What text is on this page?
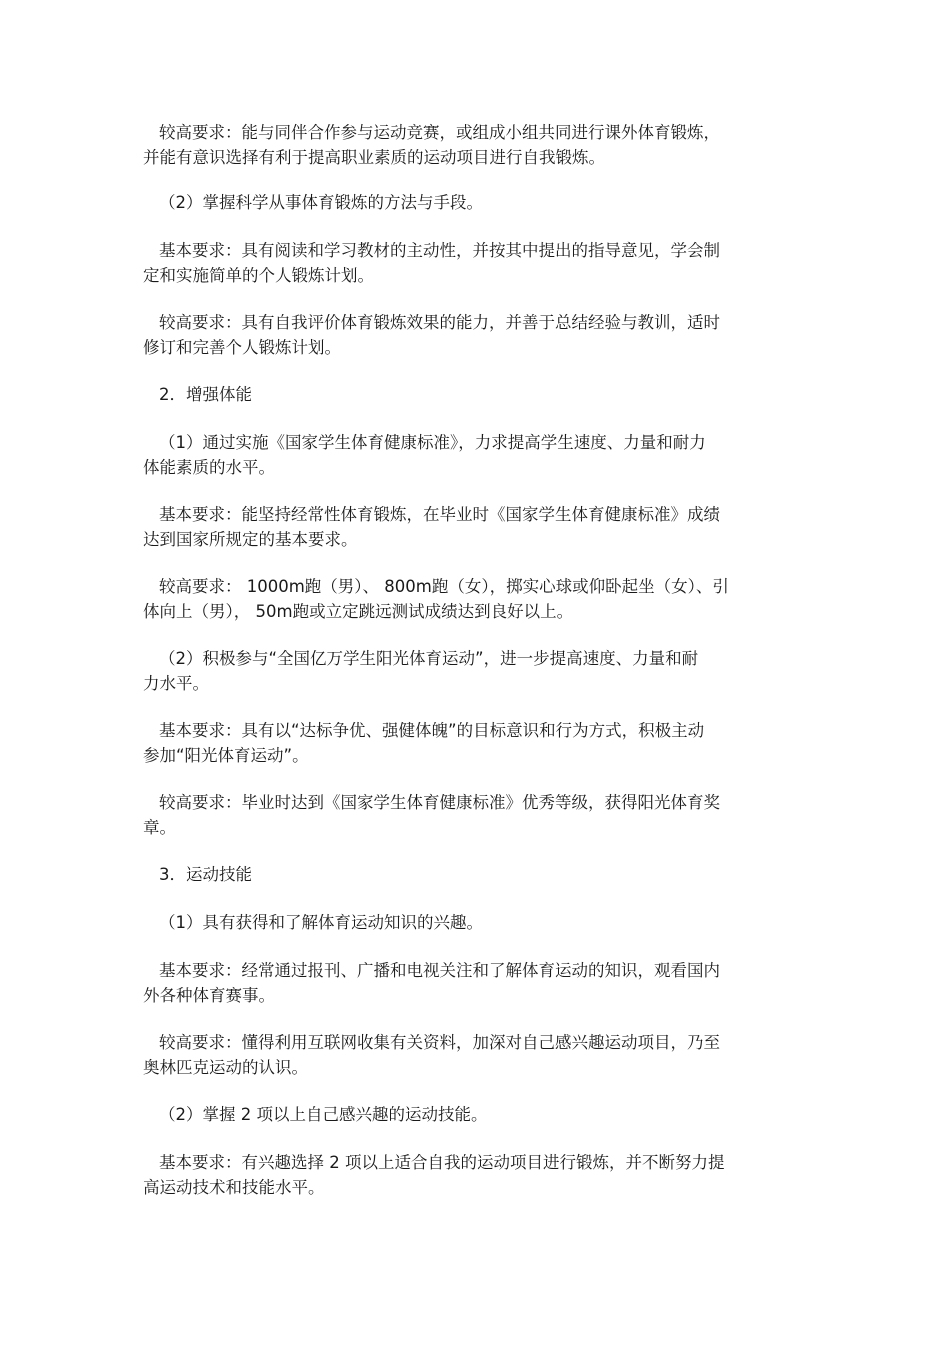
较高要求：能与同伴合作参与运动竞赛，或组成小组共同进行课外体育锻炼，
并能有意识选择有利于提高职业素质的运动项目进行自我锻炼。
（2）掌握科学从事体育锻炼的方法与手段。
基本要求：具有阅读和学习教材的主动性，并按其中提出的指导意见，学会制
定和实施简单的个人锻炼计划。
较高要求：具有自我评价体育锻炼效果的能力，并善于总结经验与教训，适时
修订和完善个人锻炼计划。
2．增强体能
（1）通过实施《国家学生体育健康标准》，力求提高学生速度、力量和耐力
体能素质的水平。
基本要求：能坚持经常性体育锻炼，在毕业时《国家学生体育健康标准》成绩
达到国家所规定的基本要求。
较高要求： 1000m跑（男）、 800m跑（女），掷实心球或仰卧起坐（女）、引
体向上（男）， 50m跑或立定跳远测试成绩达到良好以上。
（2）积极参与“全国亿万学生阳光体育运动”，进一步提高速度、力量和耐
力水平。
基本要求：具有以“达标争优、强健体魄”的目标意识和行为方式，积极主动
参加“阳光体育运动”。
较高要求：毕业时达到《国家学生体育健康标准》优秀等级，获得阳光体育奖
章。
3．运动技能
（1）具有获得和了解体育运动知识的兴趣。
基本要求：经常通过报刊、广播和电视关注和了解体育运动的知识，观看国内
外各种体育赛事。
较高要求：懂得利用互联网收集有关资料，加深对自己感兴趣运动项目，乃至
奥林匹克运动的认识。
（2）掌握 2 项以上自己感兴趣的运动技能。
基本要求：有兴趣选择 2 项以上适合自我的运动项目进行锻炼，并不断努力提
高运动技术和技能水平。
